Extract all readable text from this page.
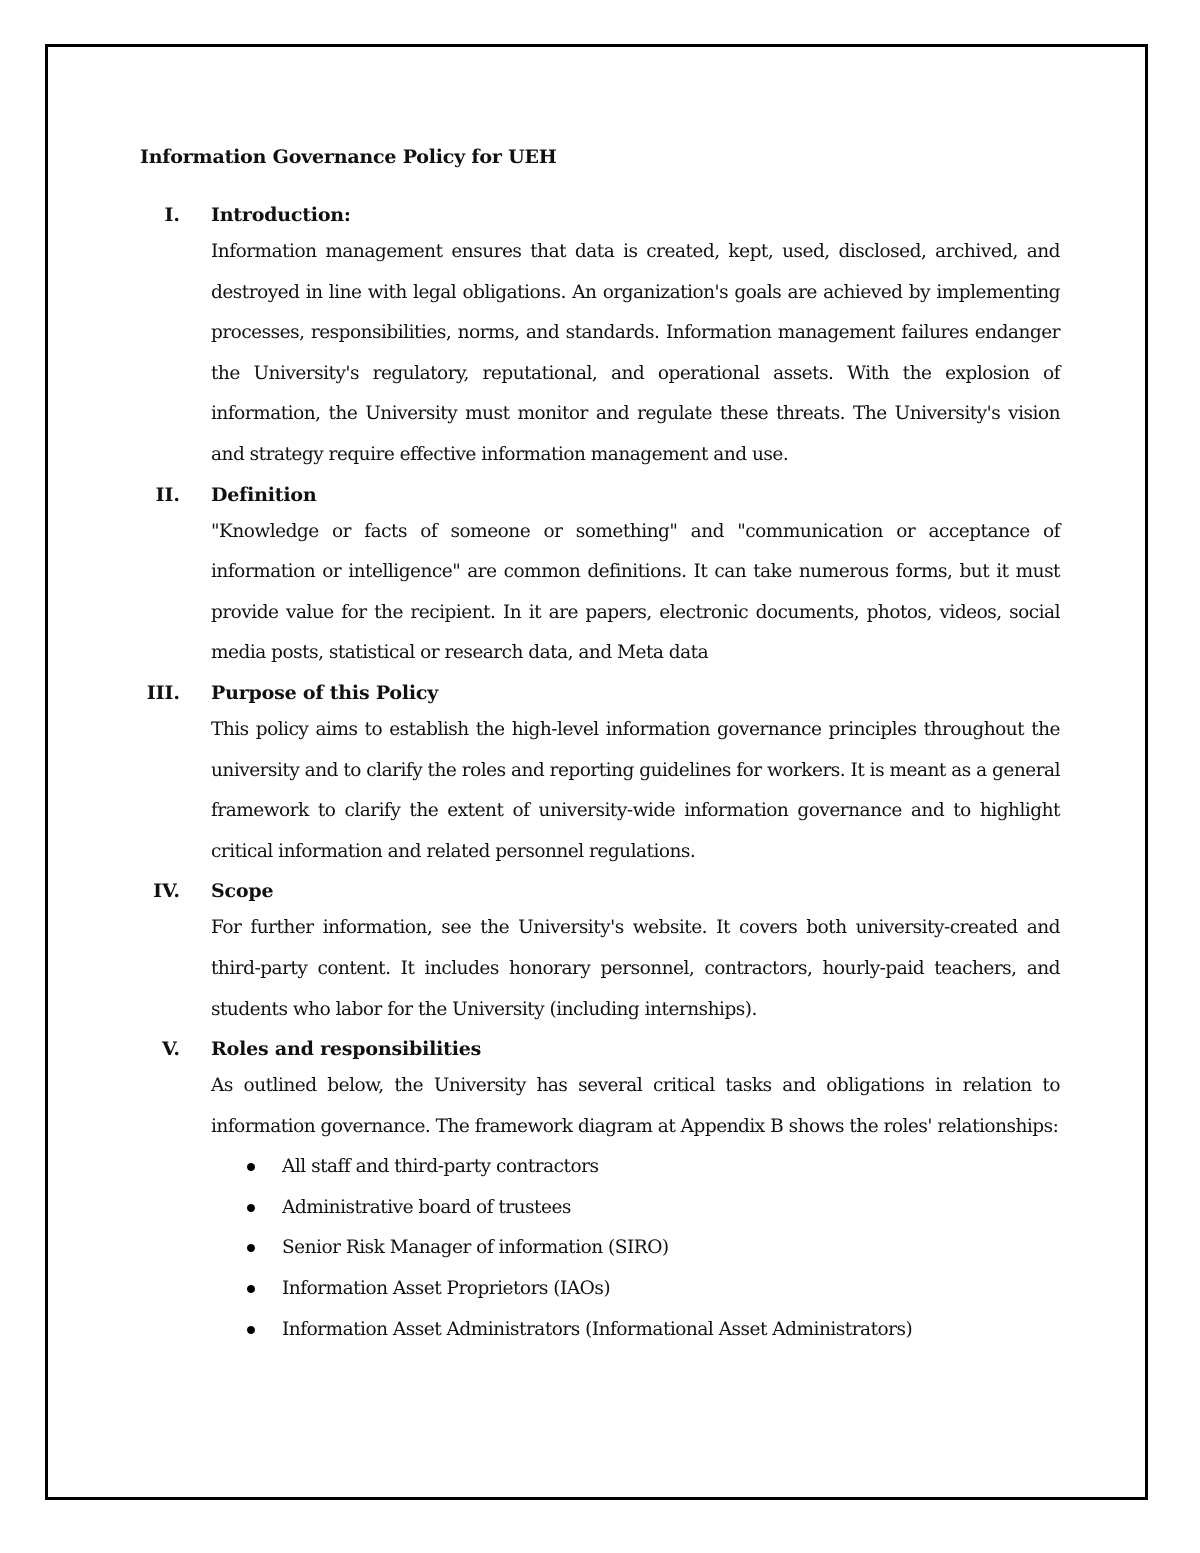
Information Governance Policy for UEH
I. Introduction:
Information management ensures that data is created, kept, used, disclosed, archived, and destroyed in line with legal obligations. An organization's goals are achieved by implementing processes, responsibilities, norms, and standards. Information management failures endanger the University's regulatory, reputational, and operational assets. With the explosion of information, the University must monitor and regulate these threats. The University's vision and strategy require effective information management and use.
II. Definition
"Knowledge or facts of someone or something" and "communication or acceptance of information or intelligence" are common definitions. It can take numerous forms, but it must provide value for the recipient. In it are papers, electronic documents, photos, videos, social media posts, statistical or research data, and Meta data
III. Purpose of this Policy
This policy aims to establish the high-level information governance principles throughout the university and to clarify the roles and reporting guidelines for workers. It is meant as a general framework to clarify the extent of university-wide information governance and to highlight critical information and related personnel regulations.
IV. Scope
For further information, see the University's website. It covers both university-created and third-party content. It includes honorary personnel, contractors, hourly-paid teachers, and students who labor for the University (including internships).
V. Roles and responsibilities
As outlined below, the University has several critical tasks and obligations in relation to information governance. The framework diagram at Appendix B shows the roles' relationships:
All staff and third-party contractors
Administrative board of trustees
Senior Risk Manager of information (SIRO)
Information Asset Proprietors (IAOs)
Information Asset Administrators (Informational Asset Administrators)
